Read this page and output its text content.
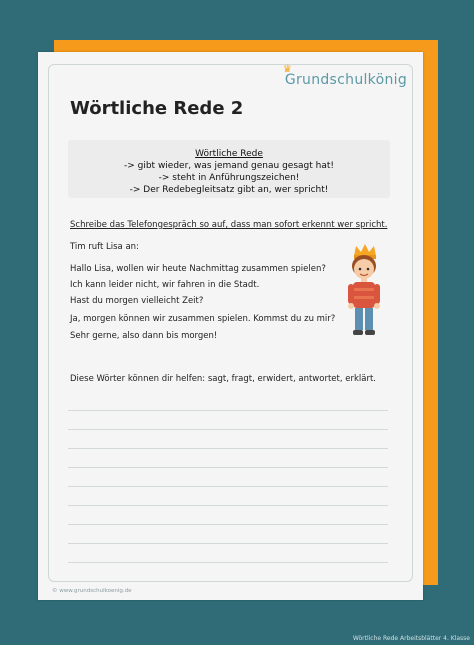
♛
Grundschulkönig
Wörtliche Rede 2
Wörtliche Rede
-> gibt wieder, was jemand genau gesagt hat!
-> steht in Anführungszeichen!
-> Der Redebegleitsatz gibt an, wer spricht!
Schreibe das Telefongespräch so auf, dass man sofort erkennt wer spricht.
Tim ruft Lisa an:
Hallo Lisa, wollen wir heute Nachmittag zusammen spielen?
Ich kann leider nicht, wir fahren in die Stadt.
Hast du morgen vielleicht Zeit?
Ja, morgen können wir zusammen spielen. Kommst du zu mir?
Sehr gerne, also dann bis morgen!
Diese Wörter können dir helfen: sagt, fragt, erwidert, antwortet, erklärt.
© www.grundschulkoenig.de
Wörtliche Rede Arbeitsblätter 4. Klasse
